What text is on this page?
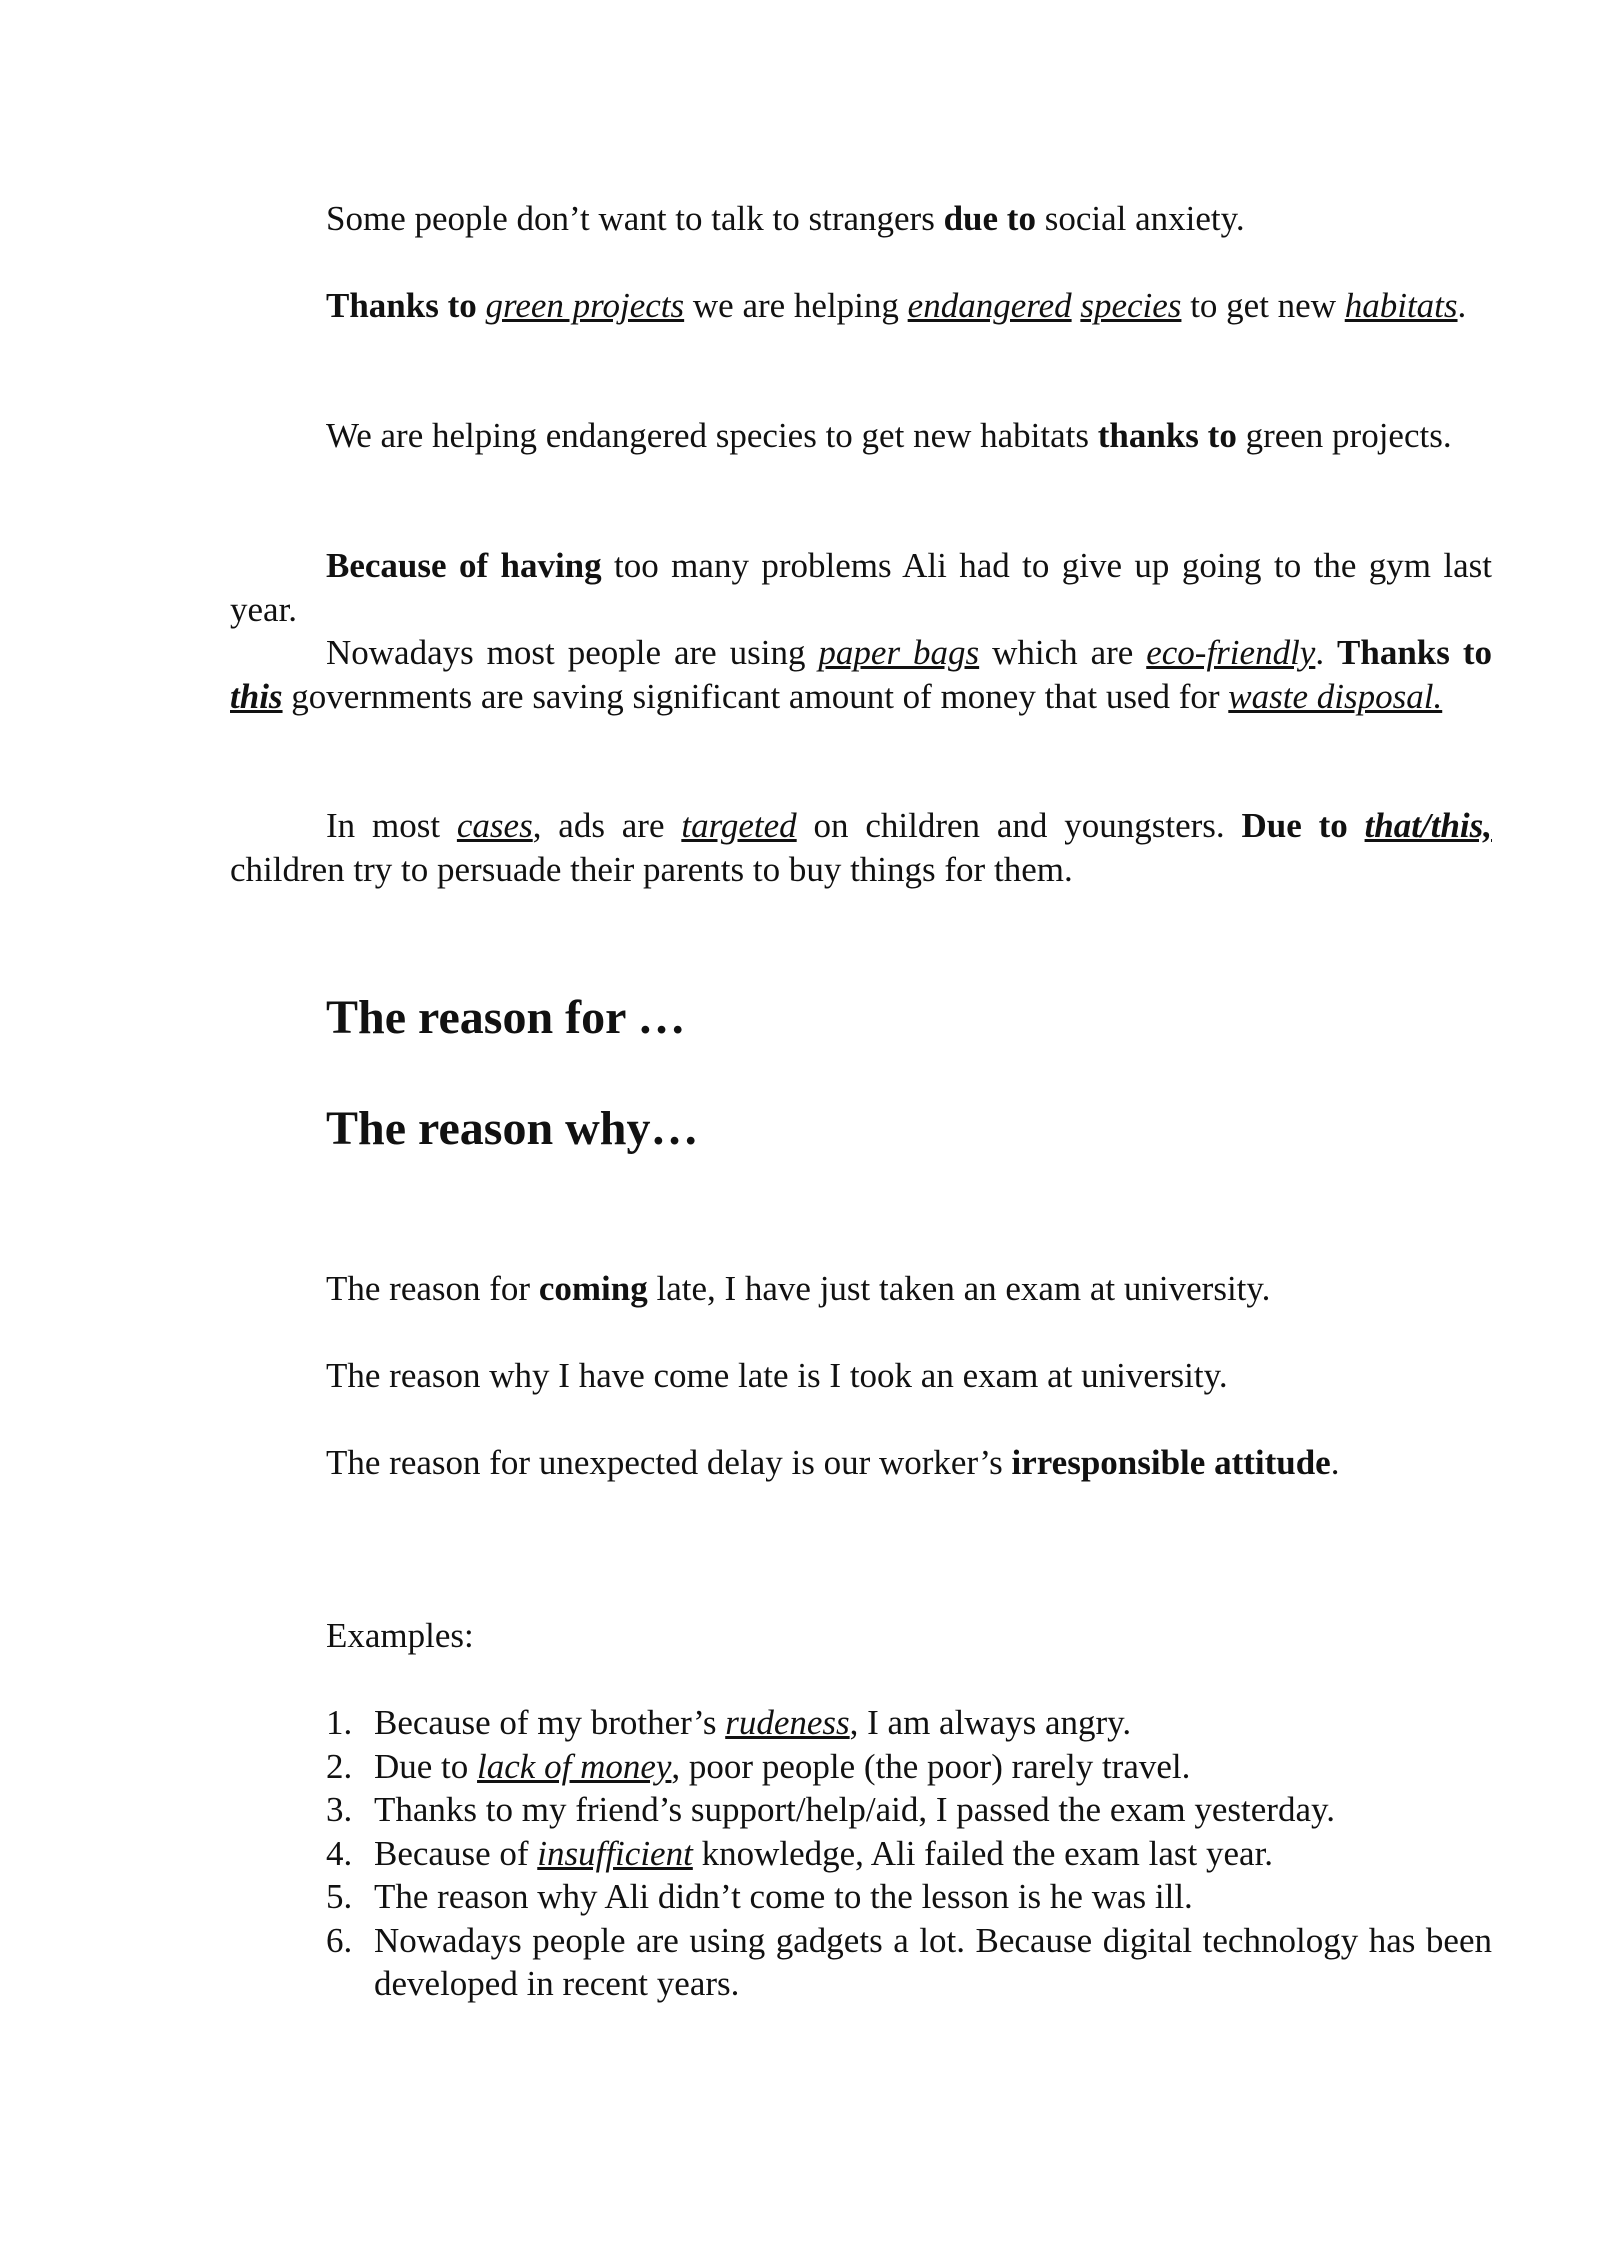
Some people don’t want to talk to strangers due to social anxiety.

Thanks to green projects we are helping endangered species to get new habitats.

We are helping endangered species to get new habitats thanks to green projects.

Because of having too many problems Ali had to give up going to the gym last year.

Nowadays most people are using paper bags which are eco-friendly. Thanks to this governments are saving significant amount of money that used for waste disposal.

In most cases, ads are targeted on children and youngsters. Due to that/this, children try to persuade their parents to buy things for them.

The reason for …
The reason why…

The reason for coming late, I have just taken an exam at university.

The reason why I have come late is I took an exam at university.

The reason for unexpected delay is our worker’s irresponsible attitude.

Examples:

1. Because of my brother’s rudeness, I am always angry.
2. Due to lack of money, poor people (the poor) rarely travel.
3. Thanks to my friend’s support/help/aid, I passed the exam yesterday.
4. Because of insufficient knowledge, Ali failed the exam last year.
5. The reason why Ali didn’t come to the lesson is he was ill.
6. Nowadays people are using gadgets a lot. Because digital technology has been developed in recent years.
